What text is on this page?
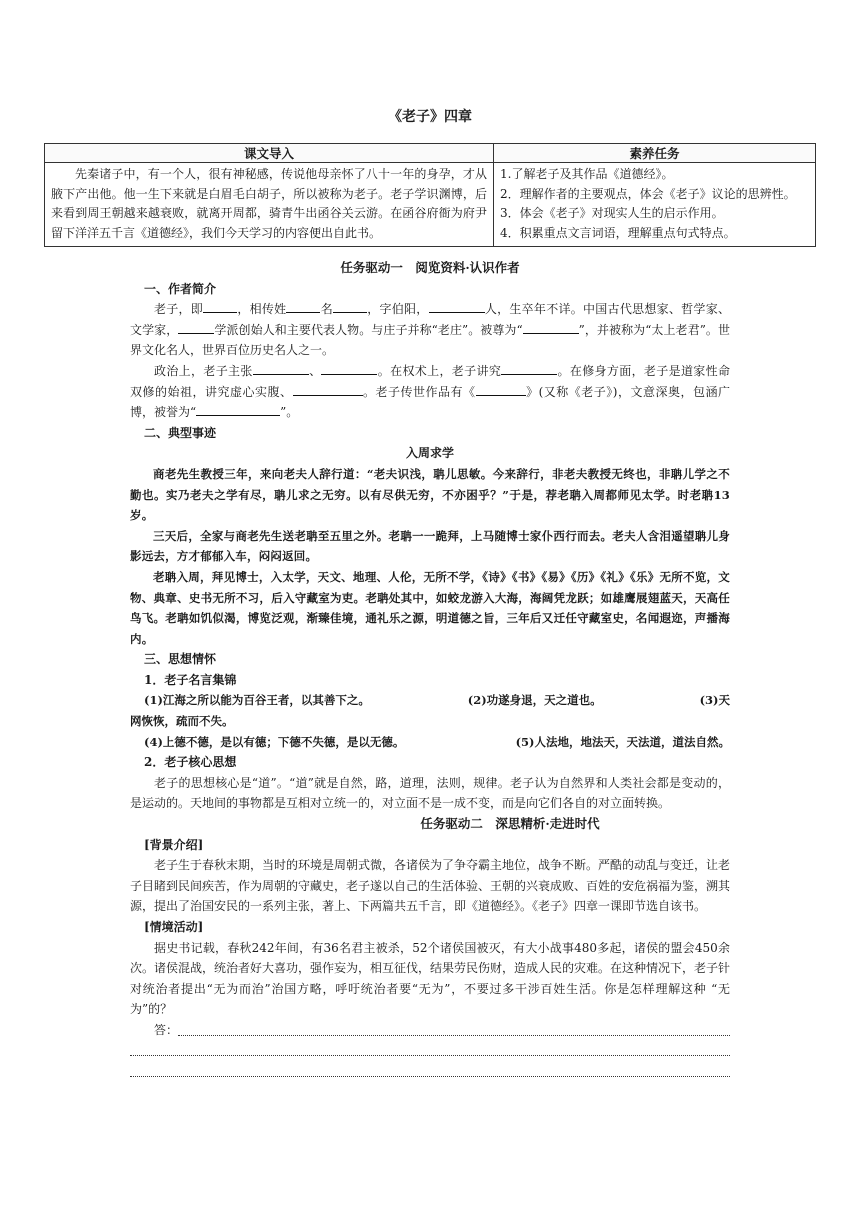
《老子》四章
课文导入	素养任务

先秦诸子中，有一个人，很有神秘感，传说他母亲怀了八十一年的身孕，才从腋下产出他。他一生下来就是白眉毛白胡子，所以被称为老子。老子学识渊博，后来看到周王朝越来越衰败，就离开周都，骑青牛出函谷关云游。在函谷府衙为府尹留下洋洋五千言《道德经》，我们今天学习的内容便出自此书。	1.了解老子及其作品《道德经》。
2．理解作者的主要观点，体会《老子》议论的思辨性。
3．体会《老子》对现实人生的启示作用。
4．积累重点文言词语，理解重点句式特点。
任务驱动一　阅览资料·认识作者
一、作者简介
老子，即	，相传姓	名	，字伯阳，	人，生卒年不详。中国古代思想家、哲学家、文学家，	学派创始人和主要代表人物。与庄子并称“老庄”。被尊为“	”，并被称为“太上老君”。世界文化名人，世界百位历史名人之一。
政治上，老子主张	、	。在权术上，老子讲究	。在修身方面，老子是道家性命双修的始祖，讲究虚心实腹、	。老子传世作品有《	》(又称《老子》)，文意深奥，包涵广博，被誉为“	”。
二、典型事迹
入周求学

商老先生教授三年，来向老夫人辞行道：“老夫识浅，聃儿思敏。今来辞行，非老夫教授无终也，非聃儿学之不勤也。实乃老夫之学有尽，聃儿求之无穷。以有尽供无穷，不亦困乎？”于是，荐老聃入周都师见太学。时老聃13岁。

三天后，全家与商老先生送老聃至五里之外。老聃一一跪拜，上马随博士家仆西行而去。老夫人含泪遥望聃儿身影远去，方才郁郁入车，闷闷返回。

老聃入周，拜见博士，入太学，天文、地理、人伦，无所不学，《诗》《书》《易》《历》《礼》《乐》无所不览，文物、典章、史书无所不习，后入守藏室为吏。老聃处其中，如蛟龙游入大海，海阔凭龙跃；如雄鹰展翅蓝天，天高任鸟飞。老聃如饥似渴，博览泛观，渐臻佳境，通礼乐之源，明道德之旨，三年后又迁任守藏室史，名闻遐迩，声播海内。

三、思想情怀
1．老子名言集锦
(1)江海之所以能为百谷王者，以其善下之。	(2)功遂身退，天之道也。	(3)天
网恢恢，疏而不失。
(4)上德不德，是以有德；下德不失德，是以无德。	(5)人法地，地法天，天法道，道法自然。
2．老子核心思想
老子的思想核心是“道”。“道”就是自然，路，道理，法则，规律。老子认为自然界和人类社会都是变动的，是运动的。天地间的事物都是互相对立统一的，对立面不是一成不变，而是向它们各自的对立面转换。
任务驱动二　深思精析·走进时代
[背景介绍]
老子生于春秋末期，当时的环境是周朝式微，各诸侯为了争夺霸主地位，战争不断。严酷的动乱与变迁，让老子目睹到民间疾苦，作为周朝的守藏史，老子遂以自己的生活体验、王朝的兴衰成败、百姓的安危祸福为鉴，溯其源，提出了治国安民的一系列主张，著上、下两篇共五千言，即《道德经》。《老子》四章一课即节选自该书。
[情境活动]
据史书记载，春秋242年间，有36名君主被杀，52个诸侯国被灭，有大小战事480多起，诸侯的盟会450余次。诸侯混战，统治者好大喜功，强作妄为，相互征伐，结果劳民伤财，造成人民的灾难。在这种情况下，老子针对统治者提出“无为而治”治国方略，呼吁统治者要“无为”，不要过多干涉百姓生活。你是怎样理解这种 “无为”的？
答：
